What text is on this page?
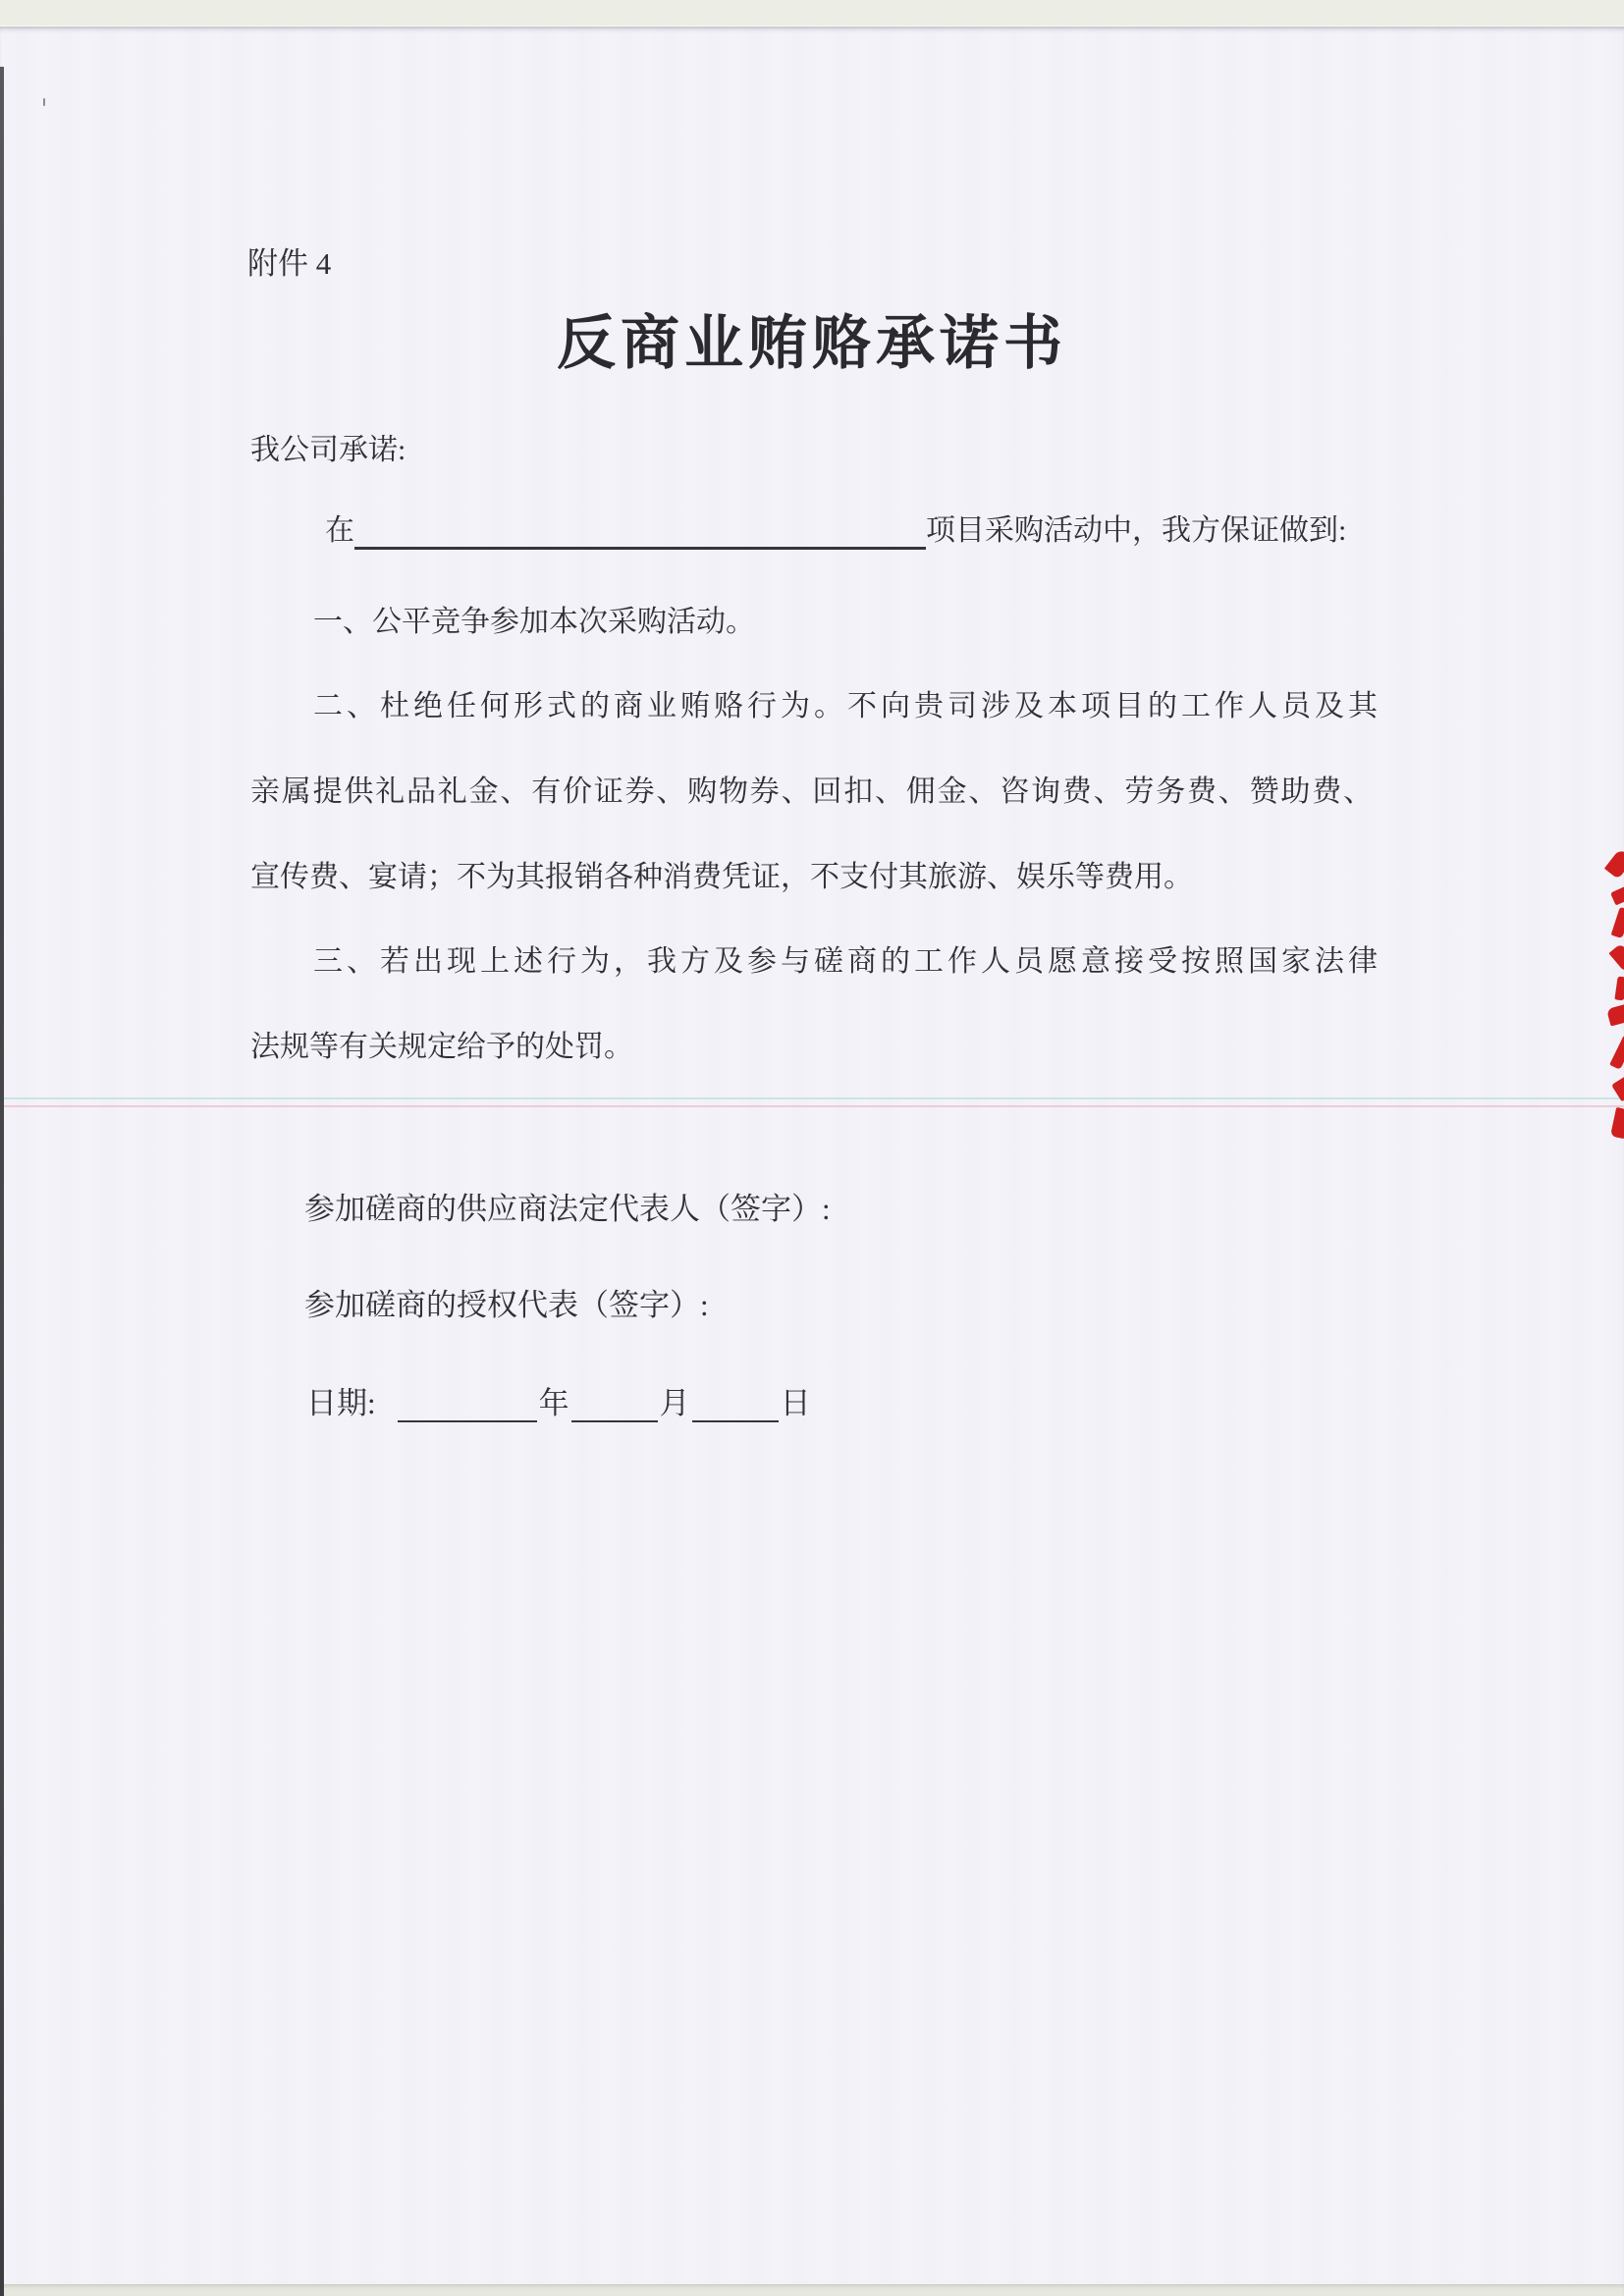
附件 4
反商业贿赂承诺书
我公司承诺:
在	项目采购活动中，我方保证做到:
一、公平竞争参加本次采购活动。
二、杜绝任何形式的商业贿赂行为。不向贵司涉及本项目的工作人员及其
亲属提供礼品礼金、有价证券、购物券、回扣、佣金、咨询费、劳务费、赞助费、
宣传费、宴请；不为其报销各种消费凭证，不支付其旅游、娱乐等费用。
三、若出现上述行为，我方及参与磋商的工作人员愿意接受按照国家法律
法规等有关规定给予的处罚。
参加磋商的供应商法定代表人（签字）:
参加磋商的授权代表（签字）:
日期:	年	月	日
